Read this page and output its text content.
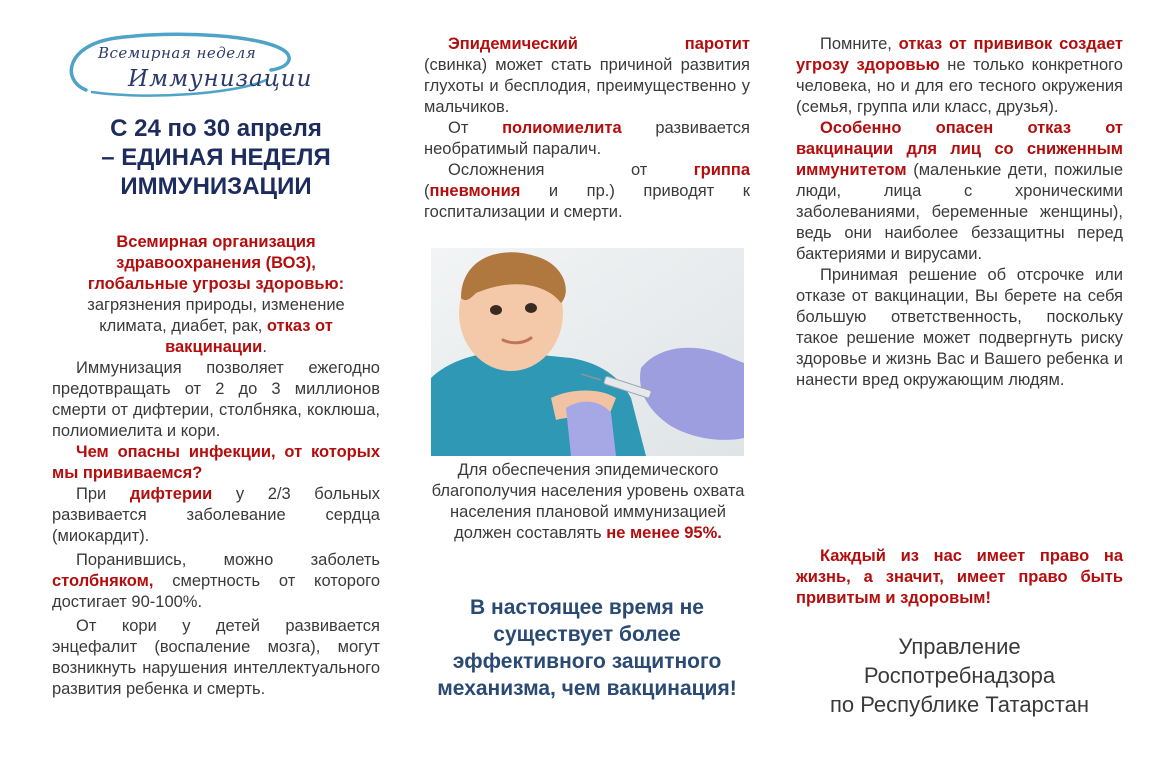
Всемирная неделя
Иммунизации
С 24 по 30 апреля
– ЕДИНАЯ НЕДЕЛЯ
ИММУНИЗАЦИИ

Всемирная организация здравоохранения (ВОЗ), глобальные угрозы здоровью:

загрязнения природы, изменение климата, диабет, рак, отказ от вакцинации.

Иммунизация позволяет ежегодно предотвращать от 2 до 3 миллионов смерти от дифтерии, столбняка, коклюша, полиомиелита и кори.

Чем опасны инфекции, от которых мы прививаемся?

При дифтерии у 2/3 больных развивается заболевание сердца (миокардит).

Поранившись, можно заболеть столбняком, смертность от которого достигает 90-100%.

От кори у детей развивается энцефалит (воспаление мозга), могут возникнуть нарушения интеллектуального развития ребенка и смерть.

Эпидемический паротит (свинка) может стать причиной развития глухоты и бесплодия, преимущественно у мальчиков.

От полиомиелита развивается необратимый паралич.

Осложнения от	гриппа (пневмония и пр.) приводят к госпитализации и смерти.

Для обеспечения эпидемического благополучия населения уровень охвата населения плановой иммунизацией должен составлять не менее 95%.
В настоящее время не существует более эффективного защитного механизма, чем вакцинация!

Помните, отказ от прививок создает угрозу здоровью не только конкретного человека, но и для его тесного окружения (семья, группа или класс, друзья).

Особенно опасен отказ от вакцинации для лиц со сниженным иммунитетом (маленькие дети, пожилые люди, лица с хроническими заболеваниями, беременные женщины), ведь они наиболее беззащитны перед бактериями и вирусами.

Принимая решение об отсрочке или отказе от вакцинации, Вы берете на себя большую ответственность, поскольку такое решение может подвергнуть риску здоровье и жизнь Вас и Вашего ребенка и нанести вред окружающим людям.

Каждый из нас имеет право на жизнь, а значит, имеет право быть привитым и здоровым!

Управление
Роспотребнадзора
по Республике Татарстан
